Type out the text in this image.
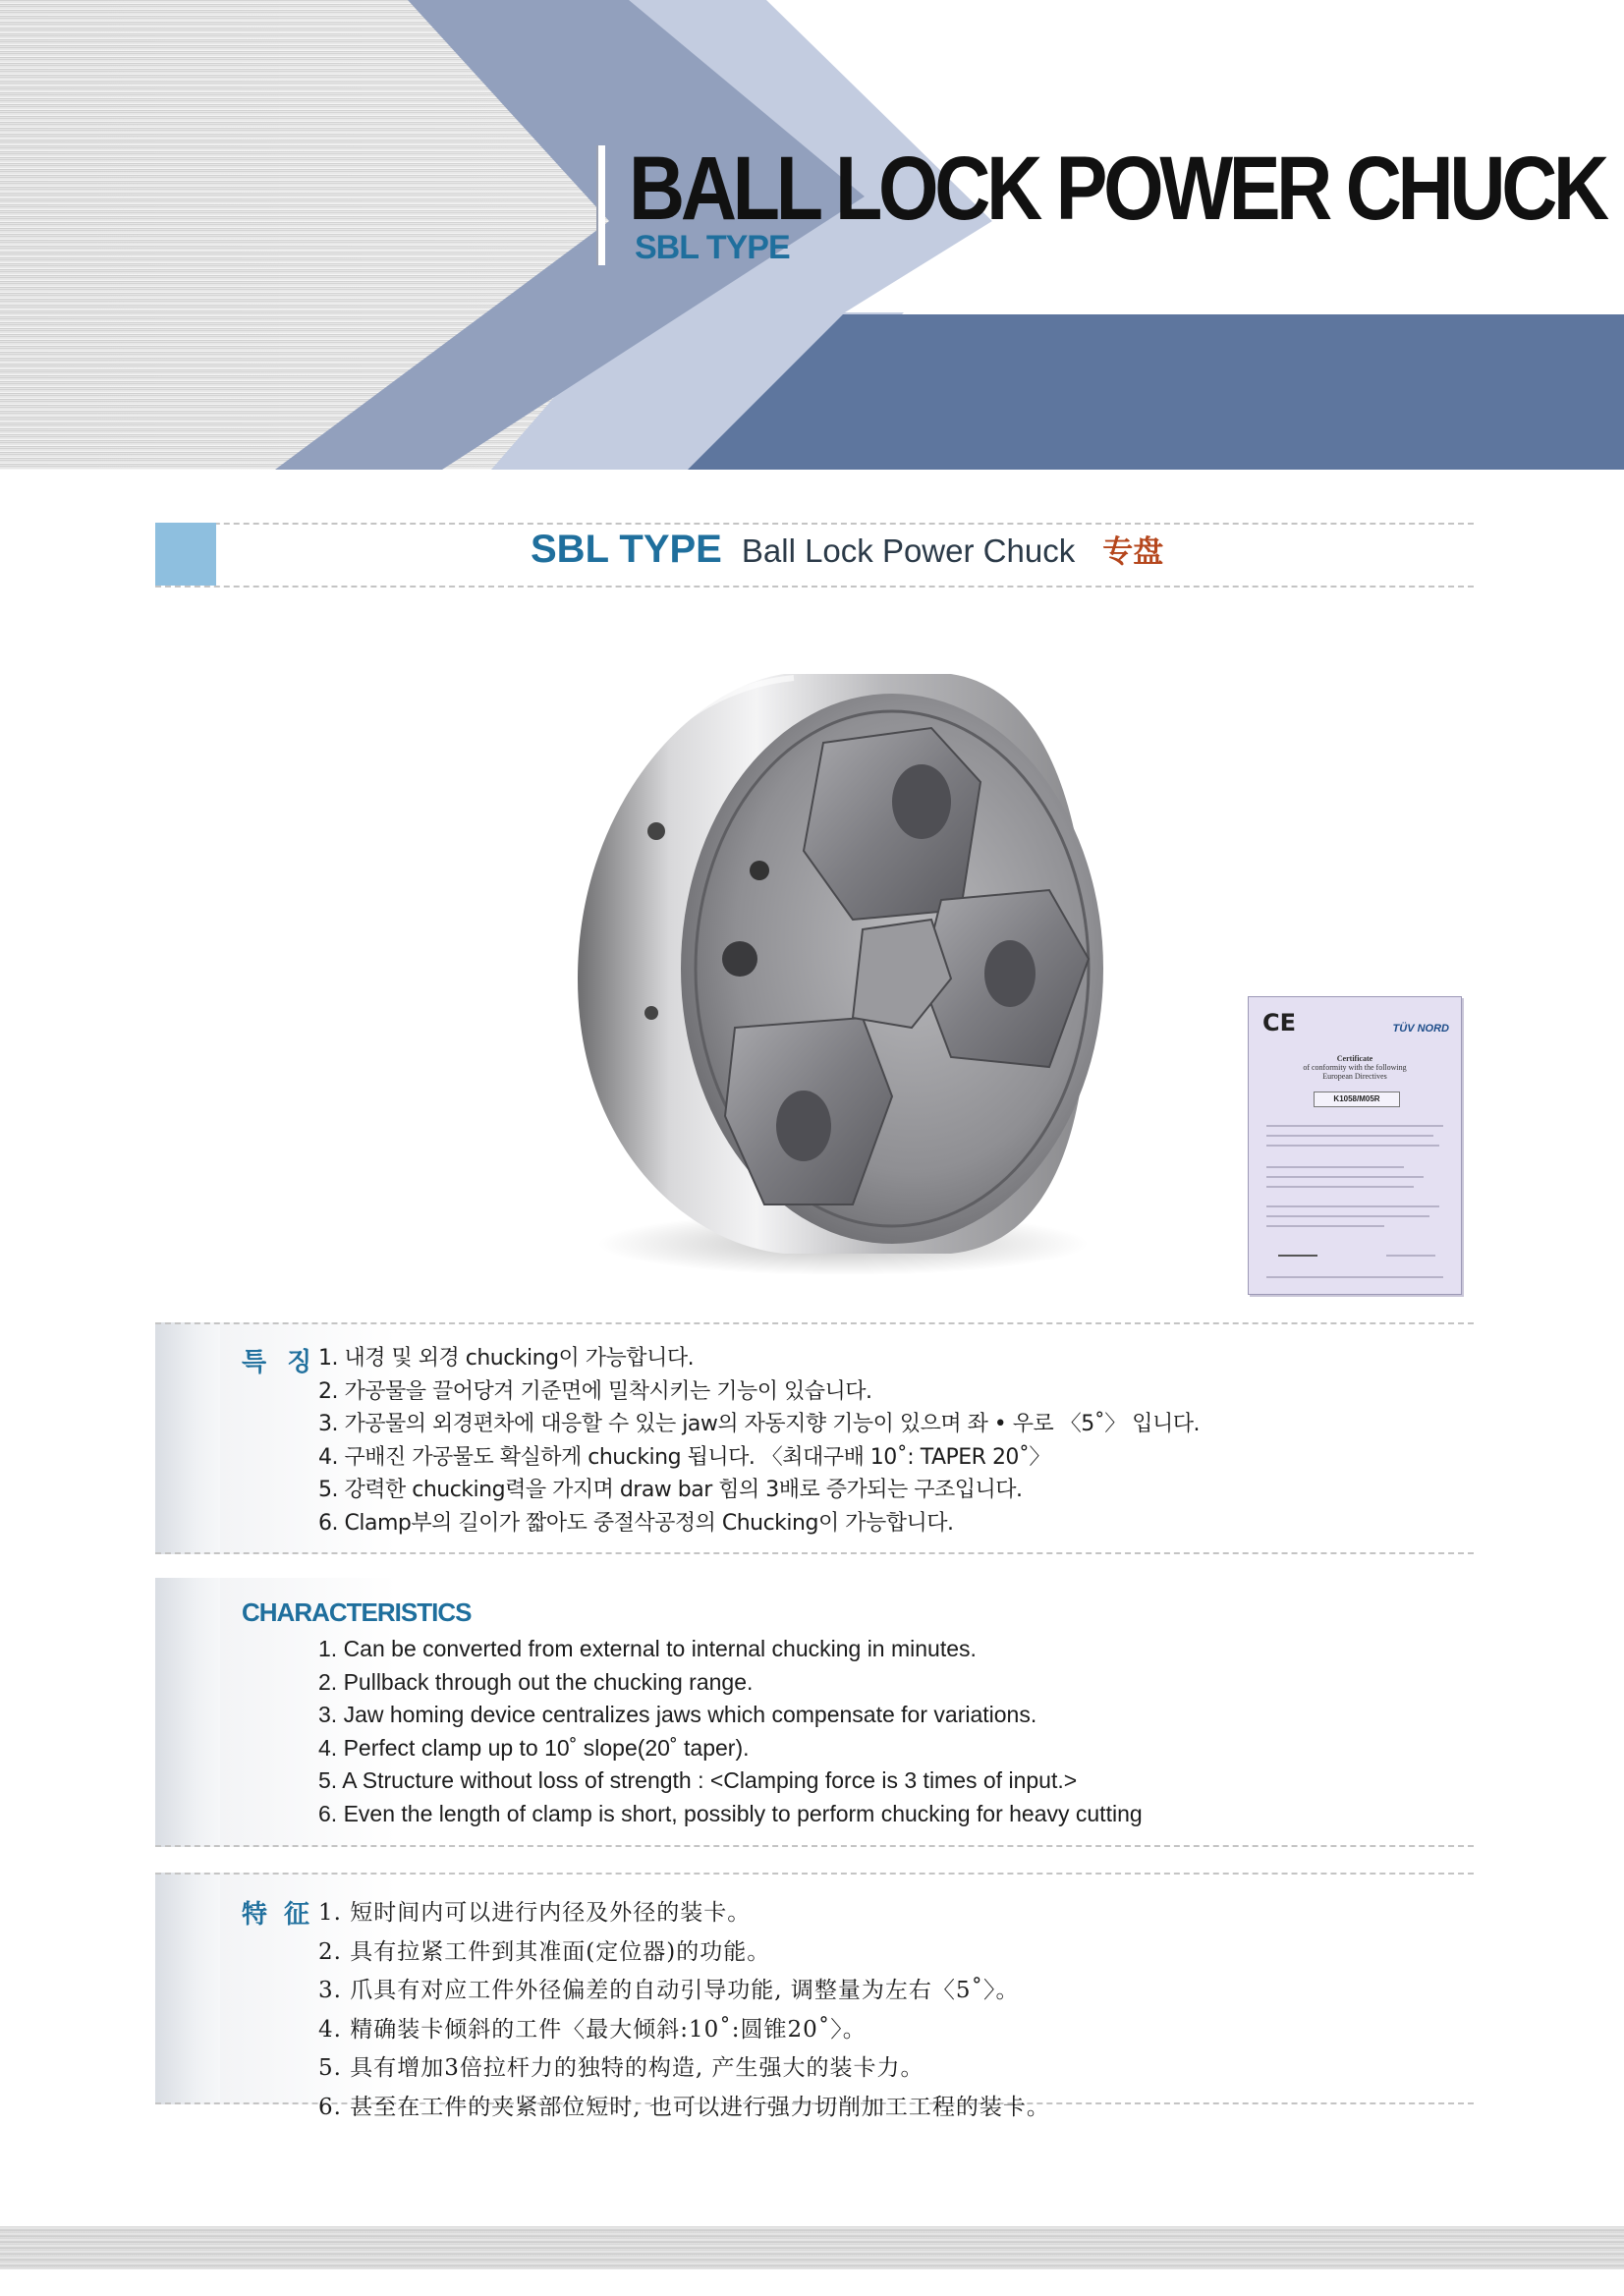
BALL LOCK POWER CHUCK
SBL TYPE
SBL TYPE Ball Lock Power Chuck 专盘
CE	TÜV NORD
Certificate
of conformity with the following
European Directives
K1058/M05R
특 징 1. 내경 및 외경 chucking이 가능합니다.
2. 가공물을 끌어당겨 기준면에 밀착시키는 기능이 있습니다.
3. 가공물의 외경편차에 대응할 수 있는 jaw의 자동지향 기능이 있으며 좌 • 우로 〈5˚〉 입니다.
4. 구배진 가공물도 확실하게 chucking 됩니다. 〈최대구배 10˚: TAPER 20˚〉
5. 강력한 chucking력을 가지며 draw bar 힘의 3배로 증가되는 구조입니다.
6. Clamp부의 길이가 짧아도 중절삭공정의 Chucking이 가능합니다.
CHARACTERISTICS
1. Can be converted from external to internal chucking in minutes.
2. Pullback through out the chucking range.
3. Jaw homing device centralizes jaws which compensate for variations.
4. Perfect clamp up to 10˚ slope(20˚ taper).
5. A Structure without loss of strength : <Clamping force is 3 times of input.>
6. Even the length of clamp is short, possibly to perform chucking for heavy cutting
特 征 1. 短时间内可以进行内径及外径的装卡。
2. 具有拉紧工件到其准面(定位器)的功能。
3. 爪具有对应工件外径偏差的自动引导功能, 调整量为左右〈5˚〉。
4. 精确装卡倾斜的工件〈最大倾斜:10˚:圆锥20˚〉。
5. 具有增加3倍拉杆力的独特的构造, 产生强大的装卡力。
6. 甚至在工件的夹紧部位短时, 也可以进行强力切削加工工程的装卡。
